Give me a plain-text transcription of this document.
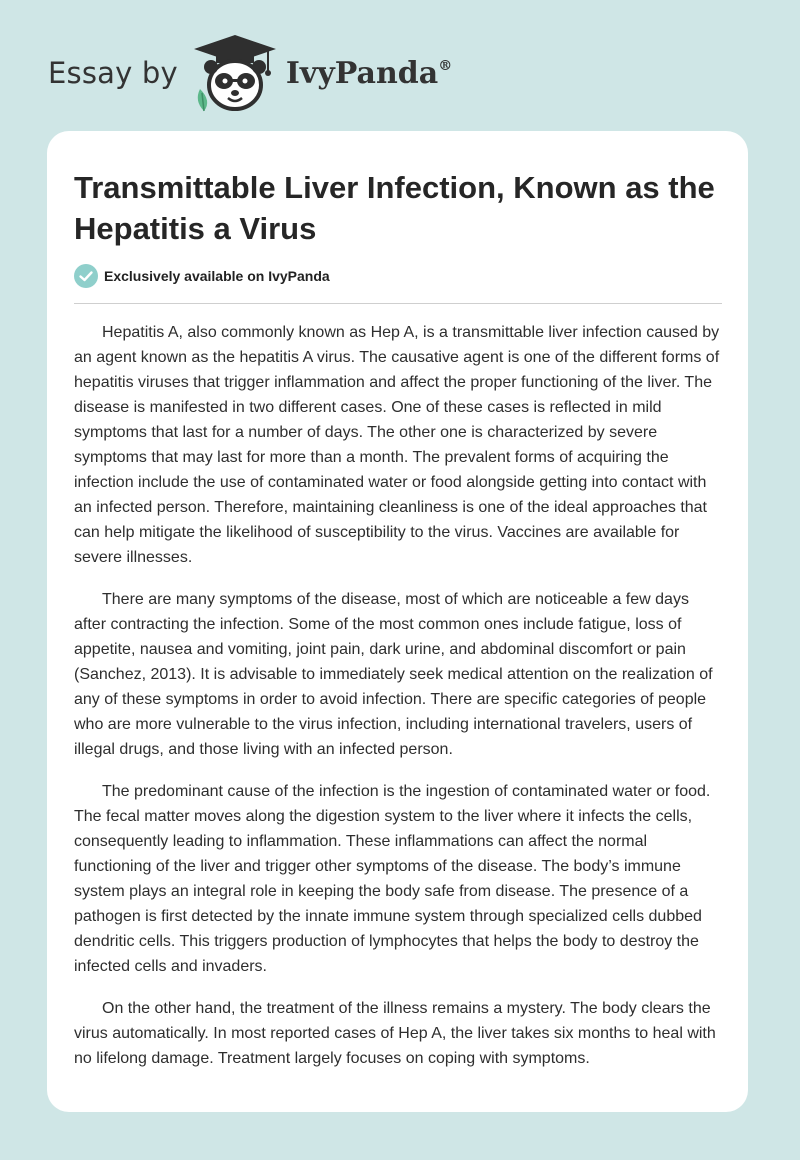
Essay by	IvyPanda®
Transmittable Liver Infection, Known as the Hepatitis a Virus
Exclusively available on IvyPanda

Hepatitis A, also commonly known as Hep A, is a transmittable liver infection caused by an agent known as the hepatitis A virus. The causative agent is one of the different forms of hepatitis viruses that trigger inflammation and affect the proper functioning of the liver. The disease is manifested in two different cases. One of these cases is reflected in mild symptoms that last for a number of days. The other one is characterized by severe symptoms that may last for more than a month. The prevalent forms of acquiring the infection include the use of contaminated water or food alongside getting into contact with an infected person. Therefore, maintaining cleanliness is one of the ideal approaches that can help mitigate the likelihood of susceptibility to the virus. Vaccines are available for severe illnesses.

There are many symptoms of the disease, most of which are noticeable a few days after contracting the infection. Some of the most common ones include fatigue, loss of appetite, nausea and vomiting, joint pain, dark urine, and abdominal discomfort or pain (Sanchez, 2013). It is advisable to immediately seek medical attention on the realization of any of these symptoms in order to avoid infection. There are specific categories of people who are more vulnerable to the virus infection, including international travelers, users of illegal drugs, and those living with an infected person.

The predominant cause of the infection is the ingestion of contaminated water or food. The fecal matter moves along the digestion system to the liver where it infects the cells, consequently leading to inflammation. These inflammations can affect the normal functioning of the liver and trigger other symptoms of the disease. The body’s immune system plays an integral role in keeping the body safe from disease. The presence of a pathogen is first detected by the innate immune system through specialized cells dubbed dendritic cells. This triggers production of lymphocytes that helps the body to destroy the infected cells and invaders.

On the other hand, the treatment of the illness remains a mystery. The body clears the virus automatically. In most reported cases of Hep A, the liver takes six months to heal with no lifelong damage. Treatment largely focuses on coping with symptoms.
